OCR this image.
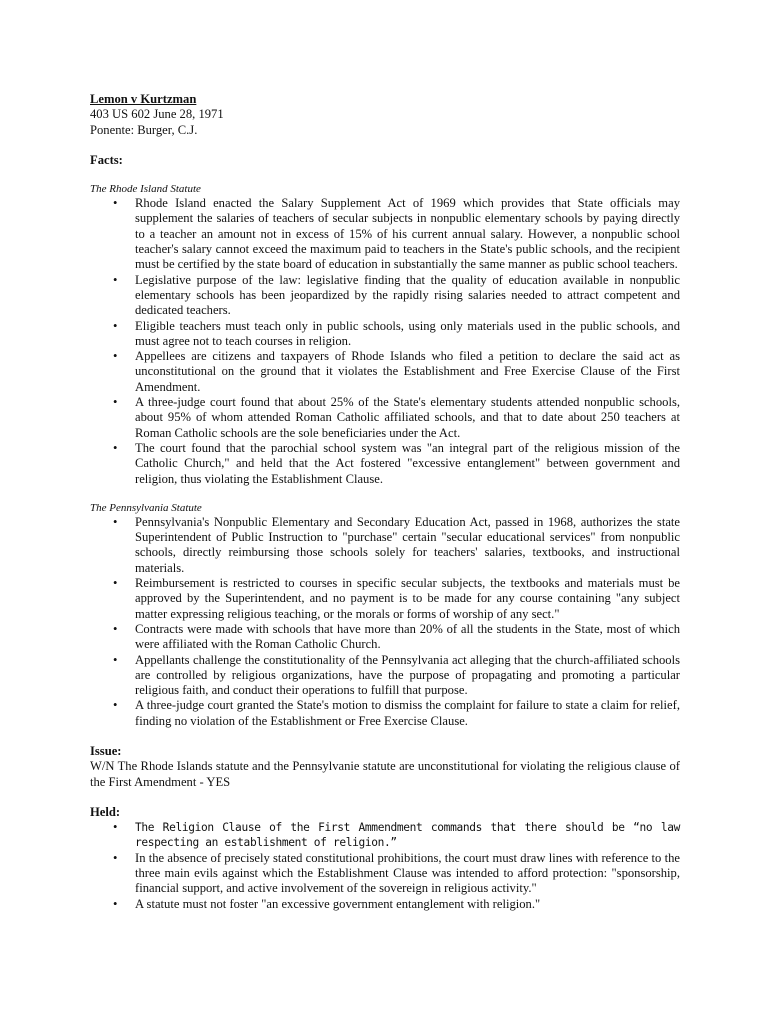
Lemon v Kurtzman
403 US 602 June 28, 1971
Ponente: Burger, C.J.
Facts:
The Rhode Island Statute
• Rhode Island enacted the Salary Supplement Act of 1969 which provides that State officials may supplement the salaries of teachers of secular subjects in nonpublic elementary schools by paying directly to a teacher an amount not in excess of 15% of his current annual salary. However, a nonpublic school teacher's salary cannot exceed the maximum paid to teachers in the State's public schools, and the recipient must be certified by the state board of education in substantially the same manner as public school teachers.
• Legislative purpose of the law: legislative finding that the quality of education available in nonpublic elementary schools has been jeopardized by the rapidly rising salaries needed to attract competent and dedicated teachers.
• Eligible teachers must teach only in public schools, using only materials used in the public schools, and must agree not to teach courses in religion.
• Appellees are citizens and taxpayers of Rhode Islands who filed a petition to declare the said act as unconstitutional on the ground that it violates the Establishment and Free Exercise Clause of the First Amendment.
• A three-judge court found that about 25% of the State's elementary students attended nonpublic schools, about 95% of whom attended Roman Catholic affiliated schools, and that to date about 250 teachers at Roman Catholic schools are the sole beneficiaries under the Act.
• The court found that the parochial school system was "an integral part of the religious mission of the Catholic Church," and held that the Act fostered "excessive entanglement" between government and religion, thus violating the Establishment Clause.
The Pennsylvania Statute
• Pennsylvania's Nonpublic Elementary and Secondary Education Act, passed in 1968, authorizes the state Superintendent of Public Instruction to "purchase" certain "secular educational services" from nonpublic schools, directly reimbursing those schools solely for teachers' salaries, textbooks, and instructional materials.
• Reimbursement is restricted to courses in specific secular subjects, the textbooks and materials must be approved by the Superintendent, and no payment is to be made for any course containing "any subject matter expressing religious teaching, or the morals or forms of worship of any sect."
• Contracts were made with schools that have more than 20% of all the students in the State, most of which were affiliated with the Roman Catholic Church.
• Appellants challenge the constitutionality of the Pennsylvania act alleging that the church-affiliated schools are controlled by religious organizations, have the purpose of propagating and promoting a particular religious faith, and conduct their operations to fulfill that purpose.
• A three-judge court granted the State's motion to dismiss the complaint for failure to state a claim for relief, finding no violation of the Establishment or Free Exercise Clause.
Issue:

W/N The Rhode Islands statute and the Pennsylvanie statute are unconstitutional for violating the religious clause of the First Amendment - YES

Held:
• The Religion Clause of the First Ammendment commands that there should be “no law respecting an establishment of religion.”
• In the absence of precisely stated constitutional prohibitions, the court must draw lines with reference to the three main evils against which the Establishment Clause was intended to afford protection: "sponsorship, financial support, and active involvement of the sovereign in religious activity."
• A statute must not foster "an excessive government entanglement with religion."
